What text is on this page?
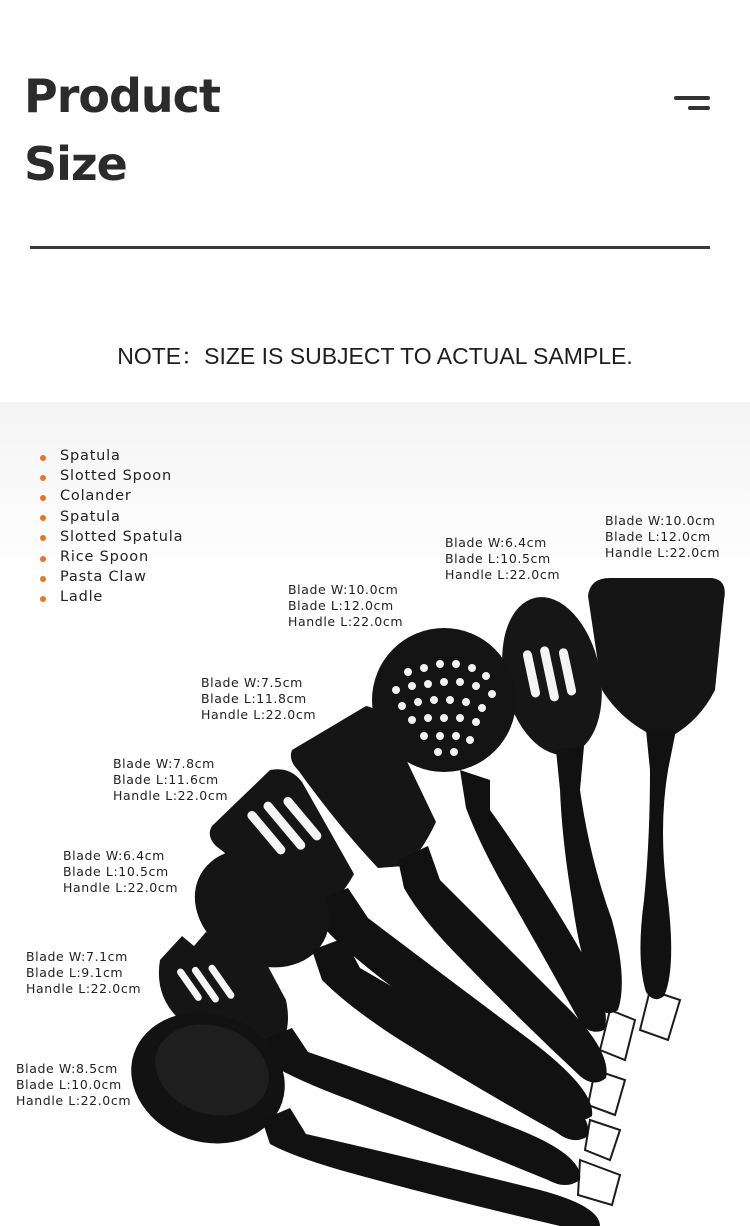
Product
Size
NOTE：SIZE IS SUBJECT TO ACTUAL SAMPLE.
Spatula
Slotted Spoon
Colander
Spatula
Slotted Spatula
Rice Spoon
Pasta Claw
Ladle
Blade W:10.0cm
Blade L:12.0cm
Handle L:22.0cm
Blade W:6.4cm
Blade L:10.5cm
Handle L:22.0cm
Blade W:10.0cm
Blade L:12.0cm
Handle L:22.0cm
Blade W:7.5cm
Blade L:11.8cm
Handle L:22.0cm
Blade W:7.8cm
Blade L:11.6cm
Handle L:22.0cm
Blade W:6.4cm
Blade L:10.5cm
Handle L:22.0cm
Blade W:7.1cm
Blade L:9.1cm
Handle L:22.0cm
Blade W:8.5cm
Blade L:10.0cm
Handle L:22.0cm
